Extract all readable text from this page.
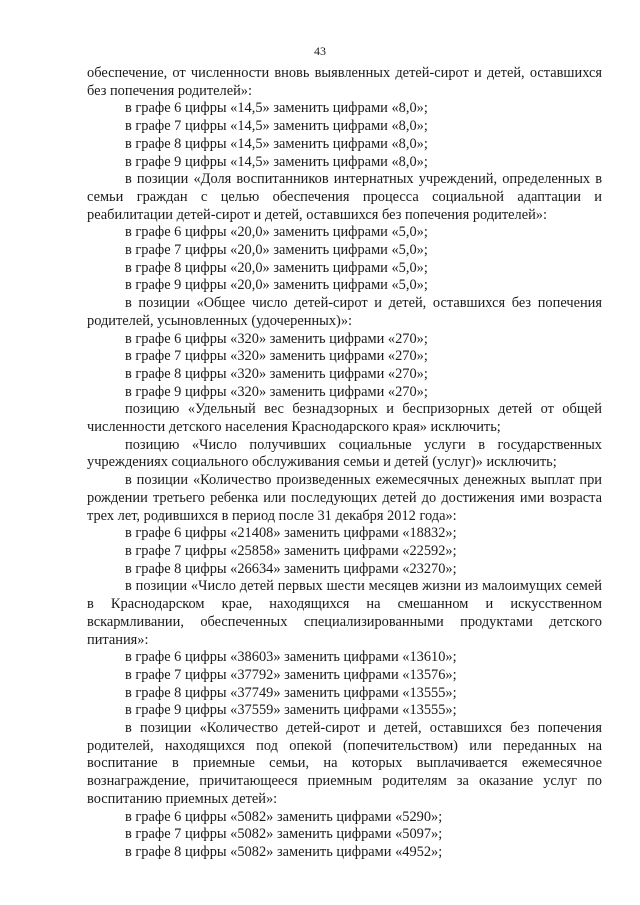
43

обеспечение, от численности вновь выявленных детей-сирот и детей, оставшихся без попечения родителей»:

в графе 6 цифры «14,5» заменить цифрами «8,0»;

в графе 7 цифры «14,5» заменить цифрами «8,0»;

в графе 8 цифры «14,5» заменить цифрами «8,0»;

в графе 9 цифры «14,5» заменить цифрами «8,0»;

в позиции «Доля воспитанников интернатных учреждений, определенных в семьи граждан с целью обеспечения процесса социальной адаптации и реабилитации детей-сирот и детей, оставшихся без попечения родителей»:

в графе 6 цифры «20,0» заменить цифрами «5,0»;

в графе 7 цифры «20,0» заменить цифрами «5,0»;

в графе 8 цифры «20,0» заменить цифрами «5,0»;

в графе 9 цифры «20,0» заменить цифрами «5,0»;

в позиции «Общее число детей-сирот и детей, оставшихся без попечения родителей, усыновленных (удочеренных)»:

в графе 6 цифры «320» заменить цифрами «270»;

в графе 7 цифры «320» заменить цифрами «270»;

в графе 8 цифры «320» заменить цифрами «270»;

в графе 9 цифры «320» заменить цифрами «270»;

позицию «Удельный вес безнадзорных и беспризорных детей от общей численности детского населения Краснодарского края» исключить;

позицию «Число получивших социальные услуги в государственных учреждениях социального обслуживания семьи и детей (услуг)» исключить;

в позиции «Количество произведенных ежемесячных денежных выплат при рождении третьего ребенка или последующих детей до достижения ими возраста трех лет, родившихся в период после 31 декабря 2012 года»:

в графе 6 цифры «21408» заменить цифрами «18832»;

в графе 7 цифры «25858» заменить цифрами «22592»;

в графе 8 цифры «26634» заменить цифрами «23270»;

в позиции «Число детей первых шести месяцев жизни из малоимущих семей в Краснодарском крае, находящихся на смешанном и искусственном вскармливании, обеспеченных специализированными продуктами детского питания»:

в графе 6 цифры «38603» заменить цифрами «13610»;

в графе 7 цифры «37792» заменить цифрами «13576»;

в графе 8 цифры «37749» заменить цифрами «13555»;

в графе 9 цифры «37559» заменить цифрами «13555»;

в позиции «Количество детей-сирот и детей, оставшихся без попечения родителей, находящихся под опекой (попечительством) или переданных на воспитание в приемные семьи, на которых выплачивается ежемесячное вознаграждение, причитающееся приемным родителям за оказание услуг по воспитанию приемных детей»:

в графе 6 цифры «5082» заменить цифрами «5290»;

в графе 7 цифры «5082» заменить цифрами «5097»;

в графе 8 цифры «5082» заменить цифрами «4952»;
